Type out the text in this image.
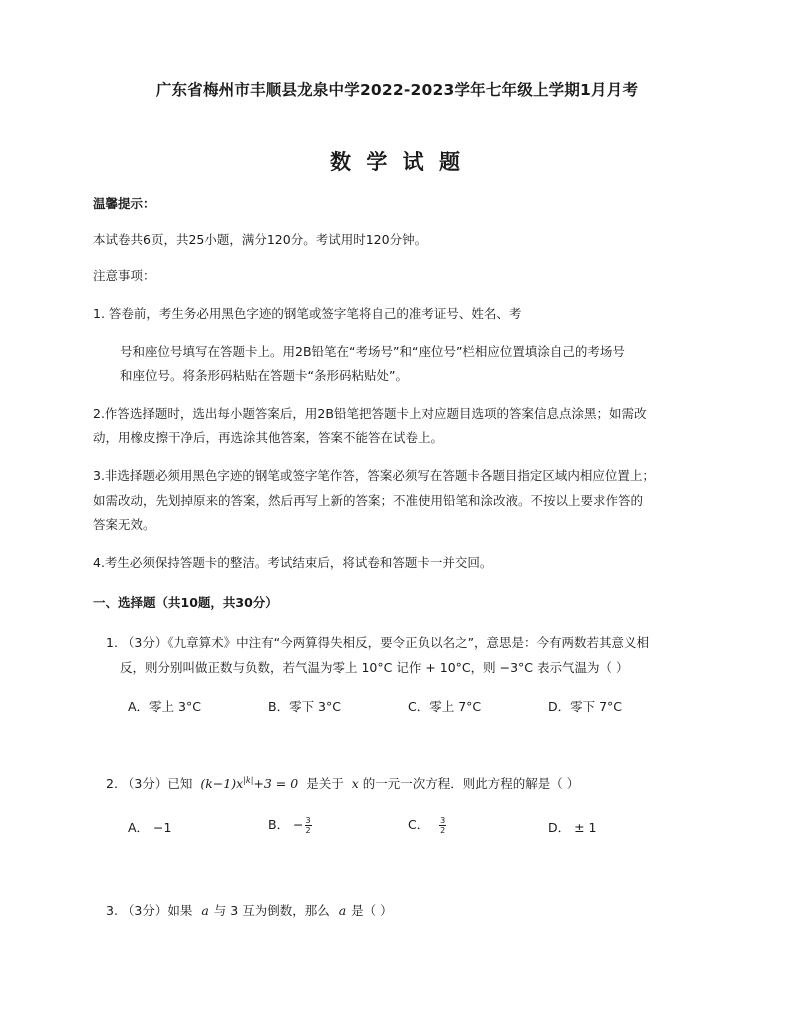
广东省梅州市丰顺县龙泉中学2022-2023学年七年级上学期1月月考
数 学 试 题
温馨提示：
本试卷共6页，共25小题，满分120分。考试用时120分钟。
注意事项：
1. 答卷前，考生务必用黑色字迹的钢笔或签字笔将自己的准考证号、姓名、考
号和座位号填写在答题卡上。用2B铅笔在“考场号”和“座位号”栏相应位置填涂自己的考场号
和座位号。将条形码粘贴在答题卡“条形码粘贴处”。
2.作答选择题时，选出每小题答案后，用2B铅笔把答题卡上对应题目选项的答案信息点涂黑；如需改
动，用橡皮擦干净后，再选涂其他答案，答案不能答在试卷上。
3.非选择题必须用黑色字迹的钢笔或签字笔作答，答案必须写在答题卡各题目指定区域内相应位置上；
如需改动，先划掉原来的答案，然后再写上新的答案；不准使用铅笔和涂改液。不按以上要求作答的
答案无效。
4.考生必须保持答题卡的整洁。考试结束后，将试卷和答题卡一并交回。
一、选择题（共10题，共30分）
1. （3分）《九章算术》中注有“今两算得失相反，要令正负以名之”，意思是：今有两数若其意义相
反，则分别叫做正数与负数，若气温为零上 10°C 记作 + 10°C，则 −3°C 表示气温为（ ）
A．零上 3°C	B．零下 3°C	C．零上 7°C	D．零下 7°C
2. （3分）已知 $(k-1)x^{|k|}+3 = 0$ 是关于 x 的一元一次方程．则此方程的解是（ ）
A． −1	B． − $\frac{3}{2}$	C． $\frac{3}{2}$	D． ± 1
3. （3分）如果 a 与 3 互为倒数，那么 a 是（ ）
